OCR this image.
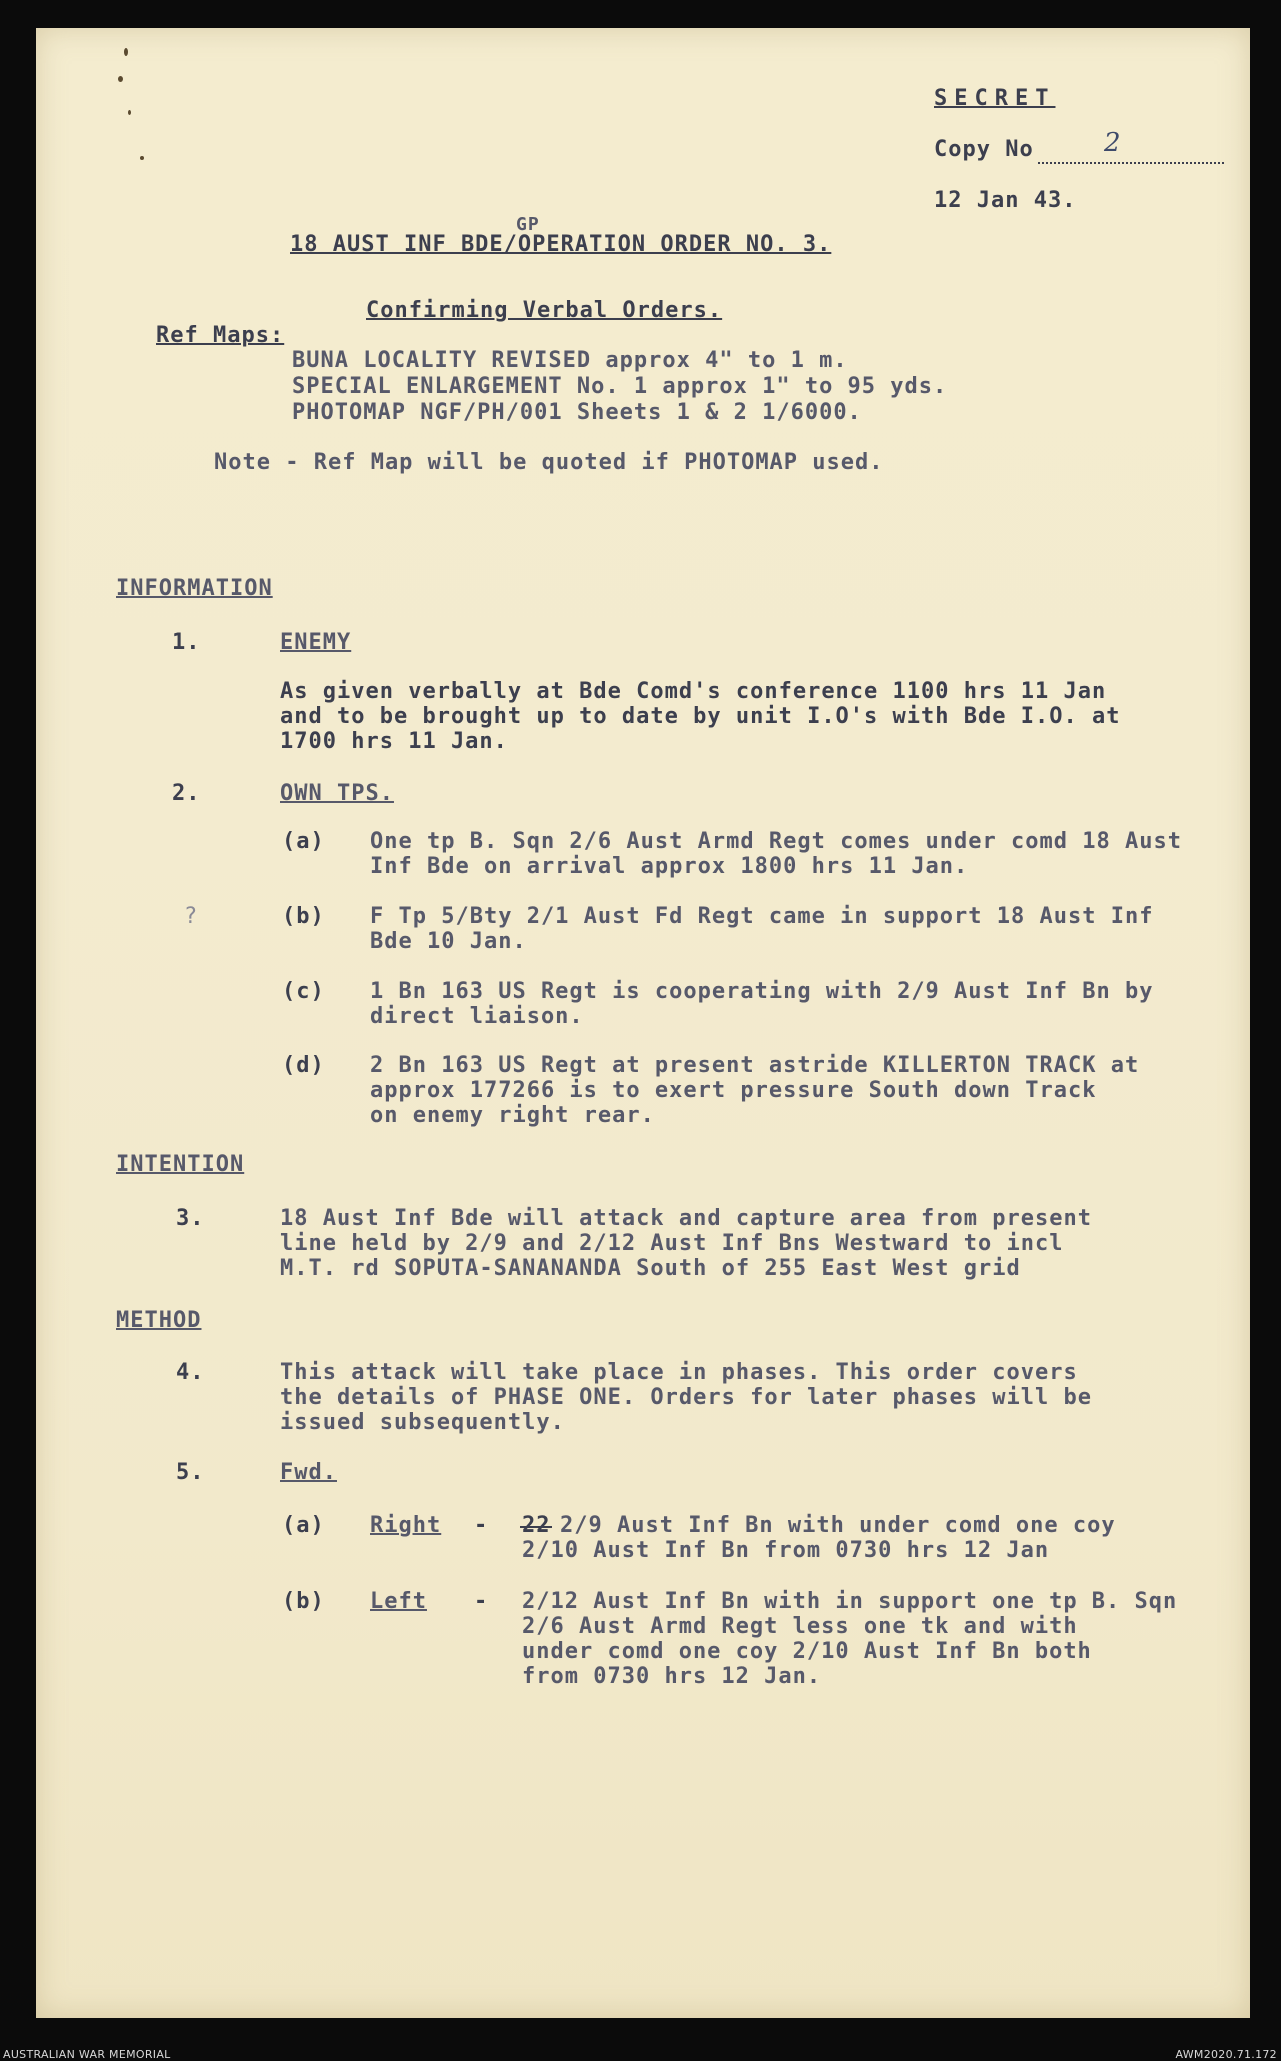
SECRET
Copy No	2
12 Jan 43.
GP
18 AUST INF BDE/OPERATION ORDER NO. 3.
Confirming Verbal Orders.
Ref Maps:
BUNA LOCALITY REVISED approx 4" to 1 m.
SPECIAL ENLARGEMENT No. 1 approx 1" to 95 yds.
PHOTOMAP NGF/PH/001 Sheets 1 & 2 1/6000.
Note - Ref Map will be quoted if PHOTOMAP used.
INFORMATION
1.	ENEMY
As given verbally at Bde Comd's conference 1100 hrs 11 Jan
and to be brought up to date by unit I.O's with Bde I.O. at
1700 hrs 11 Jan.
2.	OWN TPS.
(a) One tp B. Sqn 2/6 Aust Armd Regt comes under comd 18 Aust
Inf Bde on arrival approx 1800 hrs 11 Jan.
?	(b) F Tp 5/Bty 2/1 Aust Fd Regt came in support 18 Aust Inf
Bde 10 Jan.
(c) 1 Bn 163 US Regt is cooperating with 2/9 Aust Inf Bn by
direct liaison.
(d) 2 Bn 163 US Regt at present astride KILLERTON TRACK at
approx 177266 is to exert pressure South down Track
on enemy right rear.
INTENTION
3.	18 Aust Inf Bde will attack and capture area from present
line held by 2/9 and 2/12 Aust Inf Bns Westward to incl
M.T. rd SOPUTA-SANANANDA South of 255 East West grid
METHOD
4.	This attack will take place in phases. This order covers
the details of PHASE ONE. Orders for later phases will be
issued subsequently.
5.	Fwd.
(a) Right - 22 2/9 Aust Inf Bn with under comd one coy
2/10 Aust Inf Bn from 0730 hrs 12 Jan
(b) Left - 2/12 Aust Inf Bn with in support one tp B. Sqn
2/6 Aust Armd Regt less one tk and with
under comd one coy 2/10 Aust Inf Bn both
from 0730 hrs 12 Jan.
AUSTRALIAN WAR MEMORIAL	AWM2020.71.172
